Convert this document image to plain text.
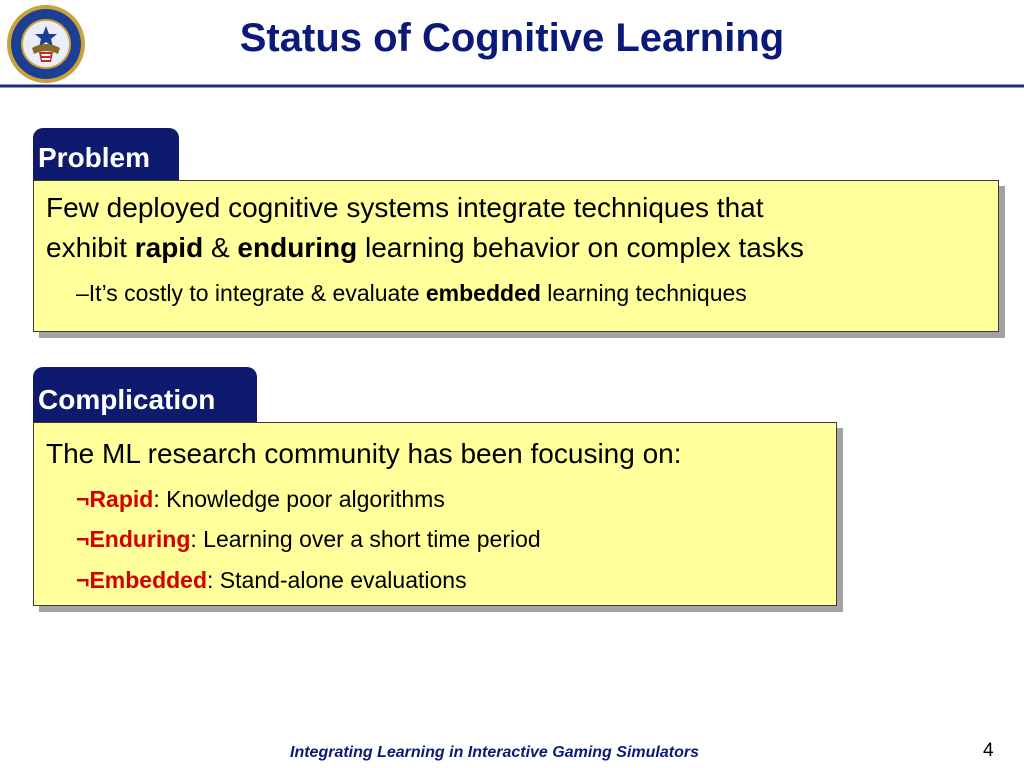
Status of Cognitive Learning
Problem
Few deployed cognitive systems integrate techniques that
exhibit rapid & enduring learning behavior on complex tasks
–It’s costly to integrate & evaluate embedded learning techniques
Complication
The ML research community has been focusing on:
¬Rapid: Knowledge poor algorithms
¬Enduring: Learning over a short time period
¬Embedded: Stand-alone evaluations
Integrating Learning in Interactive Gaming Simulators	4
